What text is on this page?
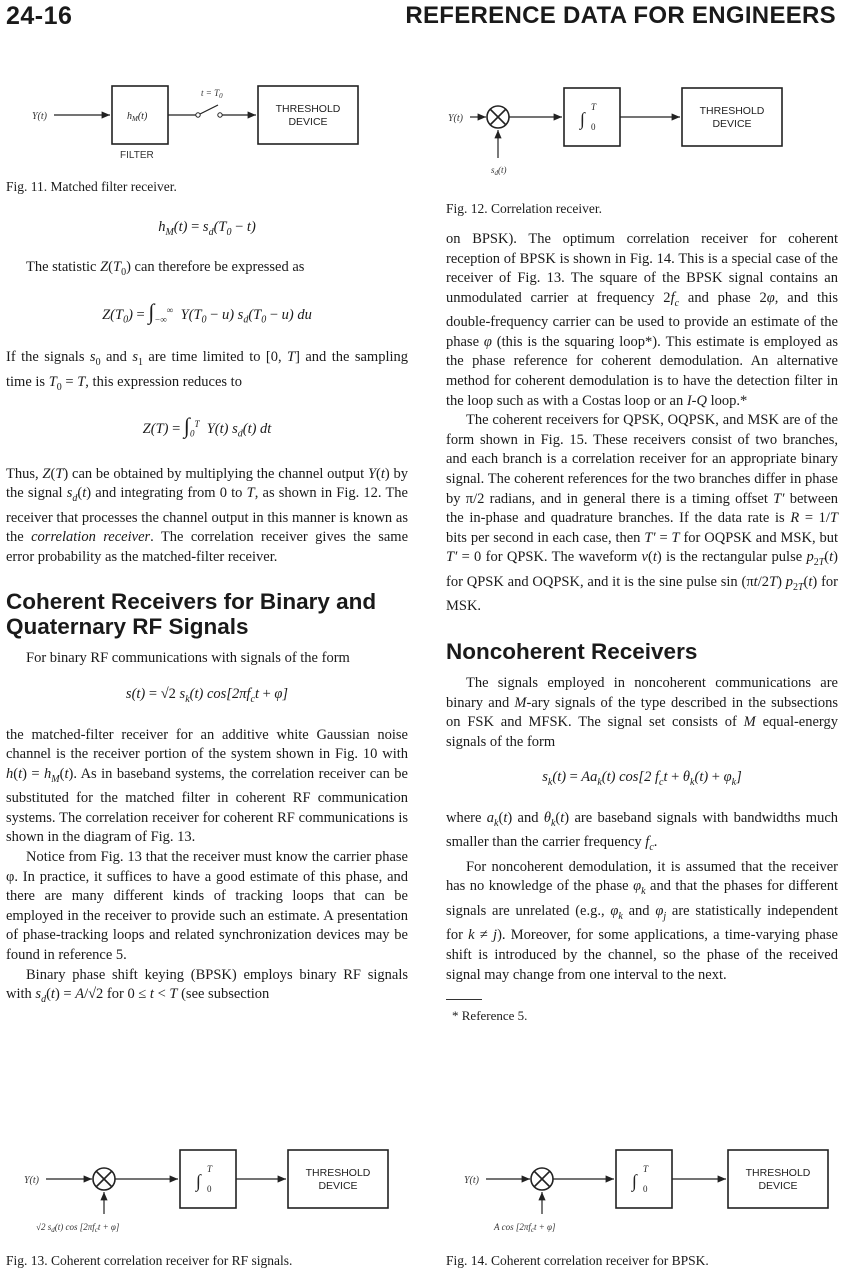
24-16	REFERENCE DATA FOR ENGINEERS
Y(t)	$h_M(t)$
FILTER
$t = T_0$
THRESHOLD
DEVICE
Fig. 11. Matched filter receiver.
Y(t)
$s_d(t)$
∫
T
0
THRESHOLD
DEVICE
Fig. 12. Correlation receiver.

$h_M(t) = s_d(T_0 - t)$

The statistic $Z(T_0)$ can therefore be expressed as

$Z(T_0) = \int_{-\infty}^\infty$  $Y(T_0 - u) s_d(T_0 - u)$ du

If the signals $s_0$ and $s_1$ are time limited to [0, T] and the sampling time is $T_0 = T$, this expression reduces to

$Z(T) = \int_0^T$  Y(t) $s_d(t)$ dt

Thus, Z(T) can be obtained by multiplying the channel output Y(t) by the signal $s_d(t)$ and integrating from 0 to T, as shown in Fig. 12. The receiver that processes the channel output in this manner is known as the correlation receiver. The correlation receiver gives the same error probability as the matched-filter receiver.

Coherent Receivers for Binary and Quaternary RF Signals

For binary RF communications with signals of the form

s(t) = √2 $s_k(t) \cos[2\pi f_ct + \varphi]$

the matched-filter receiver for an additive white Gaussian noise channel is the receiver portion of the system shown in Fig. 10 with $h(t) = h_M(t)$. As in baseband systems, the correlation receiver can be substituted for the matched filter in coherent RF communication systems. The correlation receiver for coherent RF communications is shown in the diagram of Fig. 13.

Notice from Fig. 13 that the receiver must know the carrier phase φ. In practice, it suffices to have a good estimate of this phase, and there are many different kinds of tracking loops that can be employed in the receiver to provide such an estimate. A presentation of phase-tracking loops and related synchronization devices may be found in reference 5.

Binary phase shift keying (BPSK) employs binary RF signals with $s_d(t) = A/√2$ for 0 ≤ t < T (see subsection

on BPSK). The optimum correlation receiver for coherent reception of BPSK is shown in Fig. 14. This is a special case of the receiver of Fig. 13. The square of the BPSK signal contains an unmodulated carrier at frequency $2f_c$ and phase 2φ, and this double-frequency carrier can be used to provide an estimate of the phase φ (this is the squaring loop*). This estimate is employed as the phase reference for coherent demodulation. An alternative method for coherent demodulation is to have the detection filter in the loop such as with a Costas loop or an I-Q loop.*

The coherent receivers for QPSK, OQPSK, and MSK are of the form shown in Fig. 15. These receivers consist of two branches, and each branch is a correlation receiver for an appropriate binary signal. The coherent references for the two branches differ in phase by π/2 radians, and in general there is a timing offset T′ between the in-phase and quadrature branches. If the data rate is R = 1/T bits per second in each case, then T′ = T for OQPSK and MSK, but T′ = 0 for QPSK. The waveform v(t) is the rectangular pulse $p_{2T}(t)$ for QPSK and OQPSK, and it is the sine pulse sin (πt/2T) $p_{2T}(t)$ for MSK.

Noncoherent Receivers

The signals employed in noncoherent communications are binary and M-ary signals of the type described in the subsections on FSK and MFSK. The signal set consists of M equal-energy signals of the form

$s_k(t) = Aa_k(t)$ cos[2 $f_ct + \theta_k(t) + \varphi_k$]

where $a_k(t)$ and $\theta_k(t)$ are baseband signals with bandwidths much smaller than the carrier frequency $f_c$.

For noncoherent demodulation, it is assumed that the receiver has no knowledge of the phase $\varphi_k$ and that the phases for different signals are unrelated (e.g., $\varphi_k$ and $\varphi_j$ are statistically independent for k ≠ j). Moreover, for some applications, a time-varying phase shift is introduced by the channel, so the phase of the received signal may change from one interval to the next.

* Reference 5.

Y(t)
√2 $s_d(t)$ $\cos [2\pi f_ct + \varphi]$
∫
T
0
THRESHOLD
DEVICE
Fig. 13. Coherent correlation receiver for RF signals.
Y(t)
A $\cos [2\pi f_ct + \varphi]$
∫
T
0
THRESHOLD
DEVICE
Fig. 14. Coherent correlation receiver for BPSK.
